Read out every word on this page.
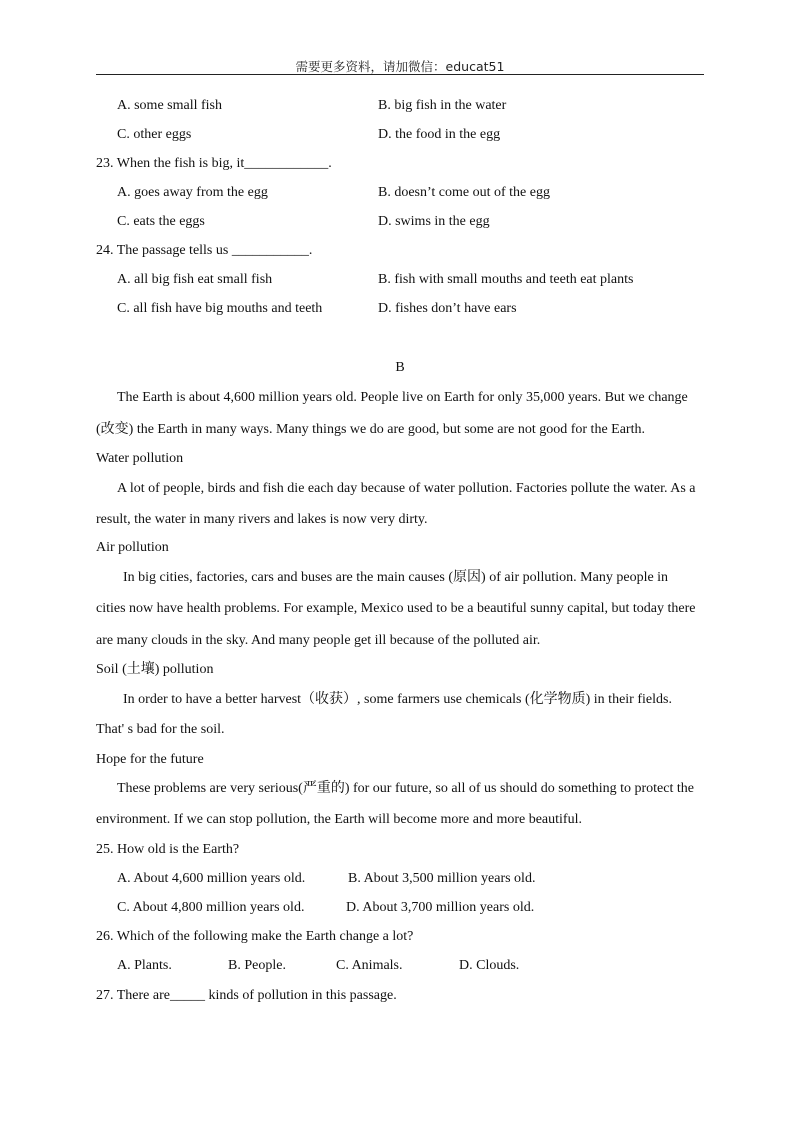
需要更多资料，请加微信：educat51
A. some small fish	B. big fish in the water
C. other eggs	D. the food in the egg
23. When the fish is big, it____________.
A. goes away from the egg	B. doesn’t come out of the egg
C. eats the eggs	D. swims in the egg
24. The passage tells us ___________.
A. all big fish eat small fish	B. fish with small mouths and teeth eat plants
C. all fish have big mouths and teeth	D. fishes don’t have ears
B
The Earth is about 4,600 million years old. People live on Earth for only 35,000 years. But we change
(改变) the Earth in many ways. Many things we do are good, but some are not good for the Earth.
Water pollution
A lot of people, birds and fish die each day because of water pollution. Factories pollute the water. As a
result, the water in many rivers and lakes is now very dirty.
Air pollution
In big cities, factories, cars and buses are the main causes (原因) of air pollution. Many people in
cities now have health problems. For example, Mexico used to be a beautiful sunny capital, but today there
are many clouds in the sky. And many people get ill because of the polluted air.
Soil (土壤) pollution
In order to have a better harvest（收获）, some farmers use chemicals (化学物质) in their fields.
That' s bad for the soil.
Hope for the future
These problems are very serious(严重的) for our future, so all of us should do something to protect the
environment. If we can stop pollution, the Earth will become more and more beautiful.
25. How old is the Earth?
A. About 4,600 million years old.	B. About 3,500 million years old.
C. About 4,800 million years old.	D. About 3,700 million years old.
26. Which of the following make the Earth change a lot?
A. Plants.	B. People.	C. Animals.	D. Clouds.
27. There are_____ kinds of pollution in this passage.
